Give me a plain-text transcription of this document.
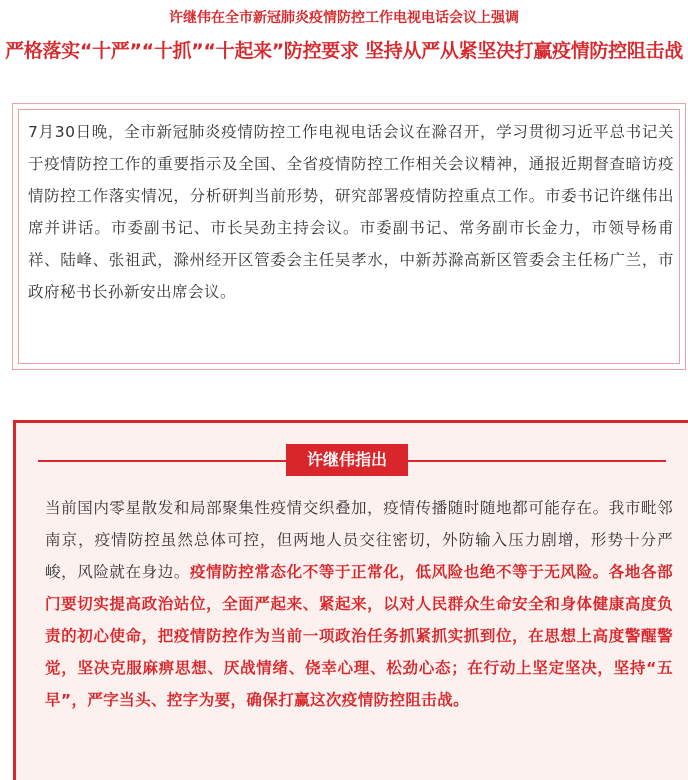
许继伟在全市新冠肺炎疫情防控工作电视电话会议上强调
严格落实“十严”“十抓”“十起来”防控要求 坚持从严从紧坚决打赢疫情防控阻击战
7月30日晚，全市新冠肺炎疫情防控工作电视电话会议在滁召开，学习贯彻习近平总书记关于疫情防控工作的重要指示及全国、全省疫情防控工作相关会议精神，通报近期督查暗访疫情防控工作落实情况，分析研判当前形势，研究部署疫情防控重点工作。市委书记许继伟出席并讲话。市委副书记、市长吴劲主持会议。市委副书记、常务副市长金力，市领导杨甫祥、陆峰、张祖武，滁州经开区管委会主任吴孝水，中新苏滁高新区管委会主任杨广兰，市政府秘书长孙新安出席会议。
许继伟指出
当前国内零星散发和局部聚集性疫情交织叠加，疫情传播随时随地都可能存在。我市毗邻南京，疫情防控虽然总体可控，但两地人员交往密切，外防输入压力剧增，形势十分严峻，风险就在身边。疫情防控常态化不等于正常化，低风险也绝不等于无风险。各地各部门要切实提高政治站位，全面严起来、紧起来，以对人民群众生命安全和身体健康高度负责的初心使命，把疫情防控作为当前一项政治任务抓紧抓实抓到位，在思想上高度警醒警觉，坚决克服麻痹思想、厌战情绪、侥幸心理、松劲心态；在行动上坚定坚决，坚持“五早”，严字当头、控字为要，确保打赢这次疫情防控阻击战。
